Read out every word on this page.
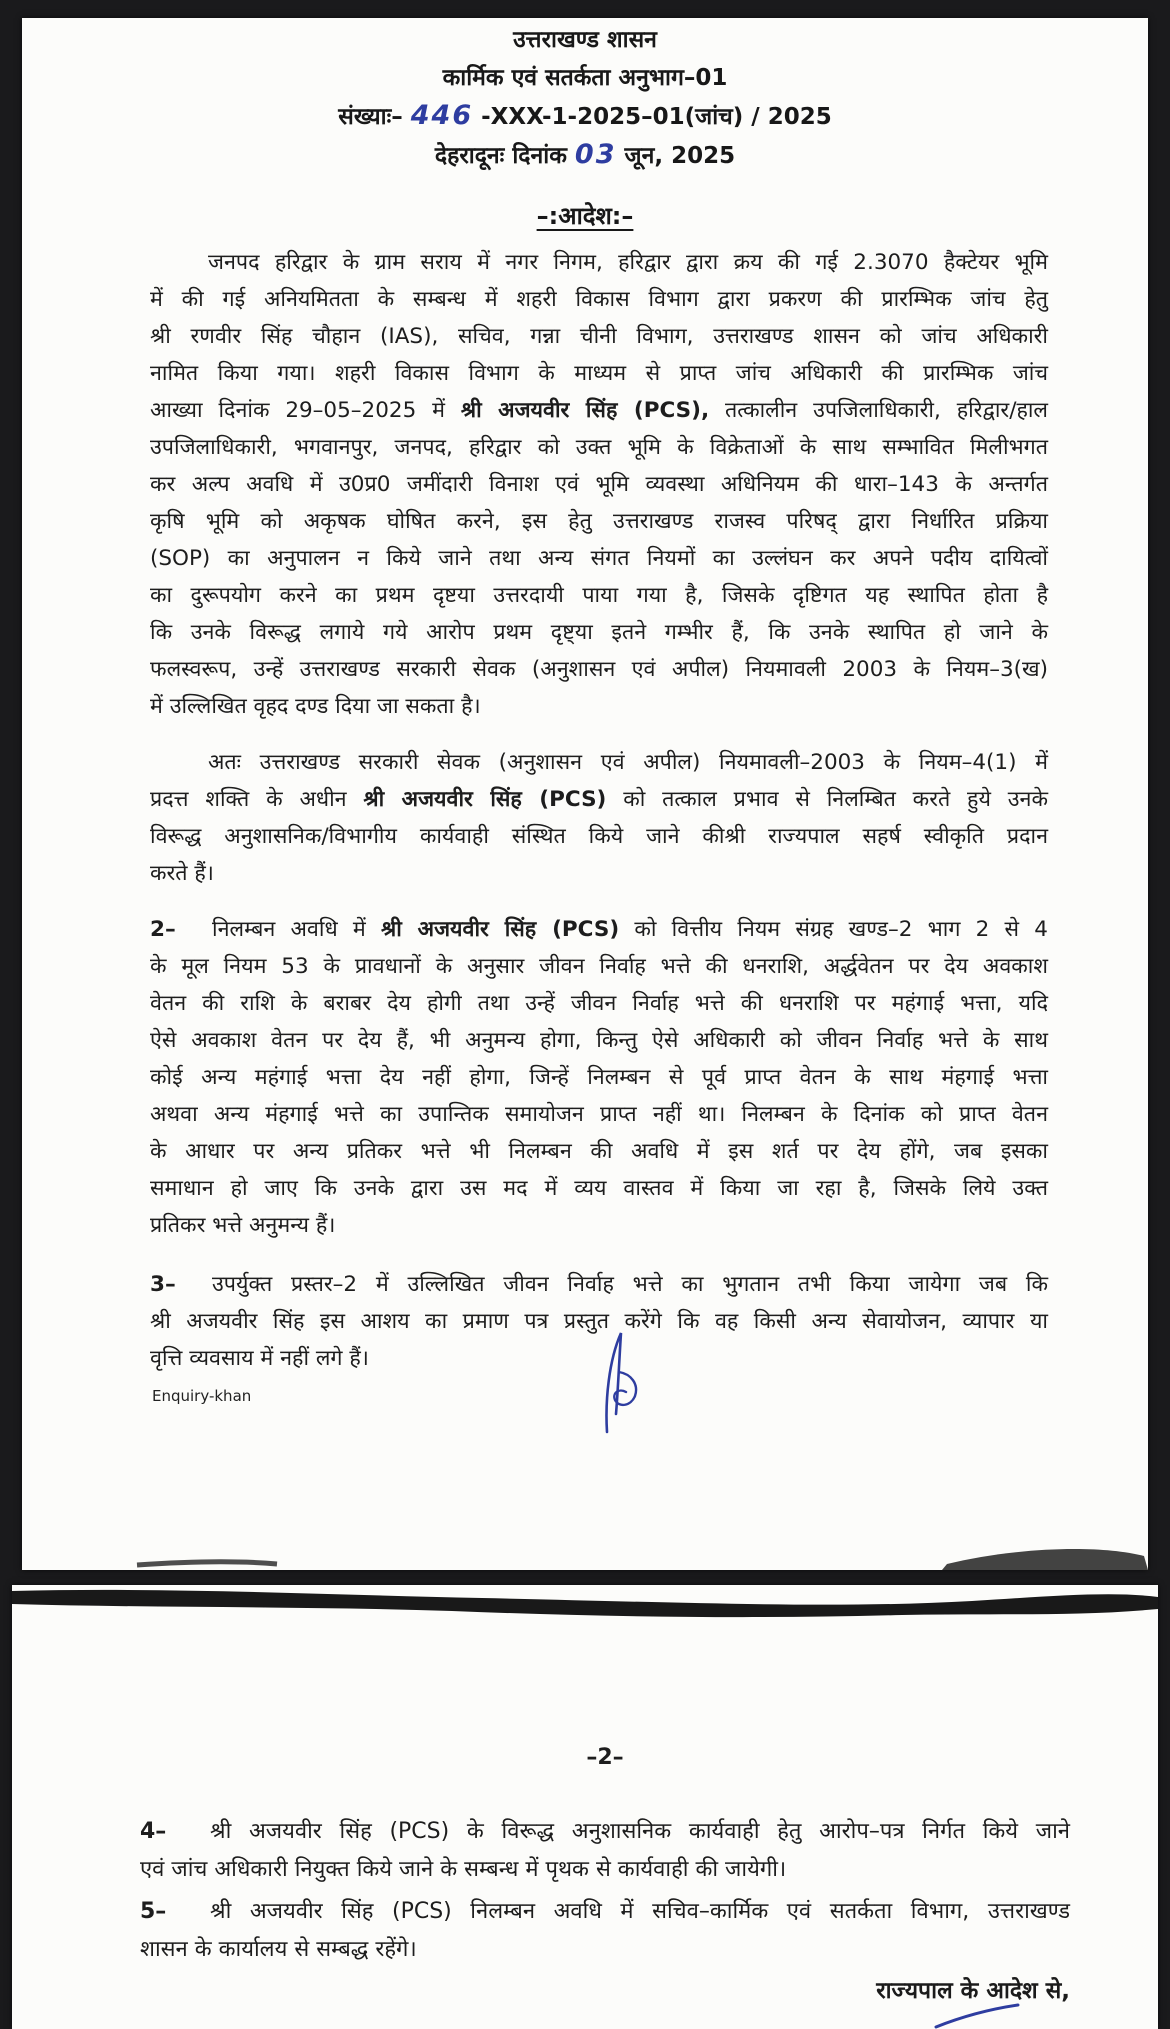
उत्तराखण्ड शासन
कार्मिक एवं सतर्कता अनुभाग–01
संख्याः– 446 -XXX-1-2025–01(जांच) / 2025
देहरादूनः दिनांक 03 जून, 2025
–:आदेश:–
जनपद हरिद्वार के ग्राम सराय में नगर निगम, हरिद्वार द्वारा क्रय की गई 2.3070 हैक्टेयर भूमि
में की गई अनियमितता के सम्बन्ध में शहरी विकास विभाग द्वारा प्रकरण की प्रारम्भिक जांच हेतु
श्री रणवीर सिंह चौहान (IAS), सचिव, गन्ना चीनी विभाग, उत्तराखण्ड शासन को जांच अधिकारी
नामित किया गया। शहरी विकास विभाग के माध्यम से प्राप्त जांच अधिकारी की प्रारम्भिक जांच
आख्या दिनांक 29–05–2025 में श्री अजयवीर सिंह (PCS), तत्कालीन उपजिलाधिकारी, हरिद्वार/हाल
उपजिलाधिकारी, भगवानपुर, जनपद, हरिद्वार को उक्त भूमि के विक्रेताओं के साथ सम्भावित मिलीभगत
कर अल्प अवधि में उ0प्र0 जमींदारी विनाश एवं भूमि व्यवस्था अधिनियम की धारा–143 के अन्तर्गत
कृषि भूमि को अकृषक घोषित करने, इस हेतु उत्तराखण्ड राजस्व परिषद् द्वारा निर्धारित प्रक्रिया
(SOP) का अनुपालन न किये जाने तथा अन्य संगत नियमों का उल्लंघन कर अपने पदीय दायित्वों
का दुरूपयोग करने का प्रथम दृष्टया उत्तरदायी पाया गया है, जिसके दृष्टिगत यह स्थापित होता है
कि उनके विरूद्ध लगाये गये आरोप प्रथम दृष्ट्या इतने गम्भीर हैं, कि उनके स्थापित हो जाने के
फलस्वरूप, उन्हें उत्तराखण्ड सरकारी सेवक (अनुशासन एवं अपील) नियमावली 2003 के नियम–3(ख)
में उल्लिखित वृहद दण्ड दिया जा सकता है।
अतः उत्तराखण्ड सरकारी सेवक (अनुशासन एवं अपील) नियमावली–2003 के नियम–4(1) में
प्रदत्त शक्ति के अधीन श्री अजयवीर सिंह (PCS) को तत्काल प्रभाव से निलम्बित करते हुये उनके
विरूद्ध अनुशासनिक/विभागीय कार्यवाही संस्थित किये जाने कीश्री राज्यपाल सहर्ष स्वीकृति प्रदान
करते हैं।
2– निलम्बन अवधि में श्री अजयवीर सिंह (PCS) को वित्तीय नियम संग्रह खण्ड–2 भाग 2 से 4
के मूल नियम 53 के प्रावधानों के अनुसार जीवन निर्वाह भत्ते की धनराशि, अर्द्धवेतन पर देय अवकाश
वेतन की राशि के बराबर देय होगी तथा उन्हें जीवन निर्वाह भत्ते की धनराशि पर महंगाई भत्ता, यदि
ऐसे अवकाश वेतन पर देय हैं, भी अनुमन्य होगा, किन्तु ऐसे अधिकारी को जीवन निर्वाह भत्ते के साथ
कोई अन्य महंगाई भत्ता देय नहीं होगा, जिन्हें निलम्बन से पूर्व प्राप्त वेतन के साथ मंहगाई भत्ता
अथवा अन्य मंहगाई भत्ते का उपान्तिक समायोजन प्राप्त नहीं था। निलम्बन के दिनांक को प्राप्त वेतन
के आधार पर अन्य प्रतिकर भत्ते भी निलम्बन की अवधि में इस शर्त पर देय होंगे, जब इसका
समाधान हो जाए कि उनके द्वारा उस मद में व्यय वास्तव में किया जा रहा है, जिसके लिये उक्त
प्रतिकर भत्ते अनुमन्य हैं।
3– उपर्युक्त प्रस्तर–2 में उल्लिखित जीवन निर्वाह भत्ते का भुगतान तभी किया जायेगा जब कि
श्री अजयवीर सिंह इस आशय का प्रमाण पत्र प्रस्तुत करेंगे कि वह किसी अन्य सेवायोजन, व्यापार या
वृत्ति व्यवसाय में नहीं लगे हैं।
Enquiry-khan
–2–
4– श्री अजयवीर सिंह (PCS) के विरूद्ध अनुशासनिक कार्यवाही हेतु आरोप–पत्र निर्गत किये जाने
एवं जांच अधिकारी नियुक्त किये जाने के सम्बन्ध में पृथक से कार्यवाही की जायेगी।
5– श्री अजयवीर सिंह (PCS) निलम्बन अवधि में सचिव–कार्मिक एवं सतर्कता विभाग, उत्तराखण्ड
शासन के कार्यालय से सम्बद्ध रहेंगे।
राज्यपाल के आदेश से,
